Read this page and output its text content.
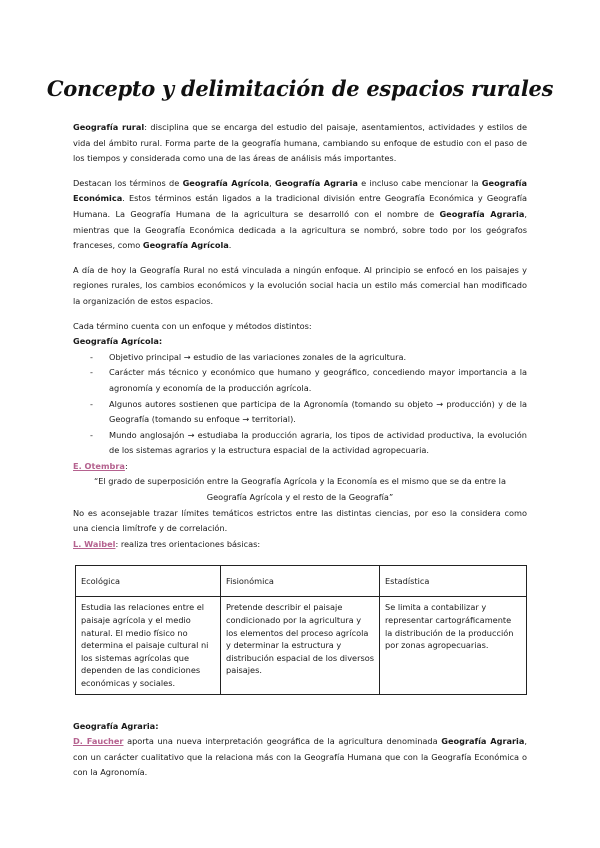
Concepto y delimitación de espacios rurales

Geografía rural: disciplina que se encarga del estudio del paisaje, asentamientos, actividades y estilos de vida del ámbito rural. Forma parte de la geografía humana, cambiando su enfoque de estudio con el paso de los tiempos y considerada como una de las áreas de análisis más importantes.

Destacan los términos de Geografía Agrícola, Geografía Agraria e incluso cabe mencionar la Geografía Económica. Estos términos están ligados a la tradicional división entre Geografía Económica y Geografía Humana. La Geografía Humana de la agricultura se desarrolló con el nombre de Geografía Agraria, mientras que la Geografía Económica dedicada a la agricultura se nombró, sobre todo por los geógrafos franceses, como Geografía Agrícola.

A día de hoy la Geografía Rural no está vinculada a ningún enfoque. Al principio se enfocó en los paisajes y regiones rurales, los cambios económicos y la evolución social hacia un estilo más comercial han modificado la organización de estos espacios.

Cada término cuenta con un enfoque y métodos distintos:

Geografía Agrícola:

- Objetivo principal → estudio de las variaciones zonales de la agricultura.
- Carácter más técnico y económico que humano y geográfico, concediendo mayor importancia a la agronomía y economía de la producción agrícola.
- Algunos autores sostienen que participa de la Agronomía (tomando su objeto → producción) y de la Geografía (tomando su enfoque → territorial).
- Mundo anglosajón → estudiaba la producción agraria, los tipos de actividad productiva, la evolución de los sistemas agrarios y la estructura espacial de la actividad agropecuaria.

E. Otembra:

“El grado de superposición entre la Geografía Agrícola y la Economía es el mismo que se da entre la
Geografía Agrícola y el resto de la Geografía”

No es aconsejable trazar límites temáticos estrictos entre las distintas ciencias, por eso la considera como una ciencia limítrofe y de correlación.

L. Waibel: realiza tres orientaciones básicas:

Ecológica	Fisionómica	Estadística
Estudia las relaciones entre el paisaje agrícola y el medio natural. El medio físico no determina el paisaje cultural ni los sistemas agrícolas que dependen de las condiciones económicas y sociales.	Pretende describir el paisaje condicionado por la agricultura y los elementos del proceso agrícola y determinar la estructura y distribución espacial de los diversos paisajes.	Se limita a contabilizar y representar cartográficamente la distribución de la producción por zonas agropecuarias.

Geografía Agraria:

D. Faucher aporta una nueva interpretación geográfica de la agricultura denominada Geografía Agraria, con un carácter cualitativo que la relaciona más con la Geografía Humana que con la Geografía Económica o con la Agronomía.
